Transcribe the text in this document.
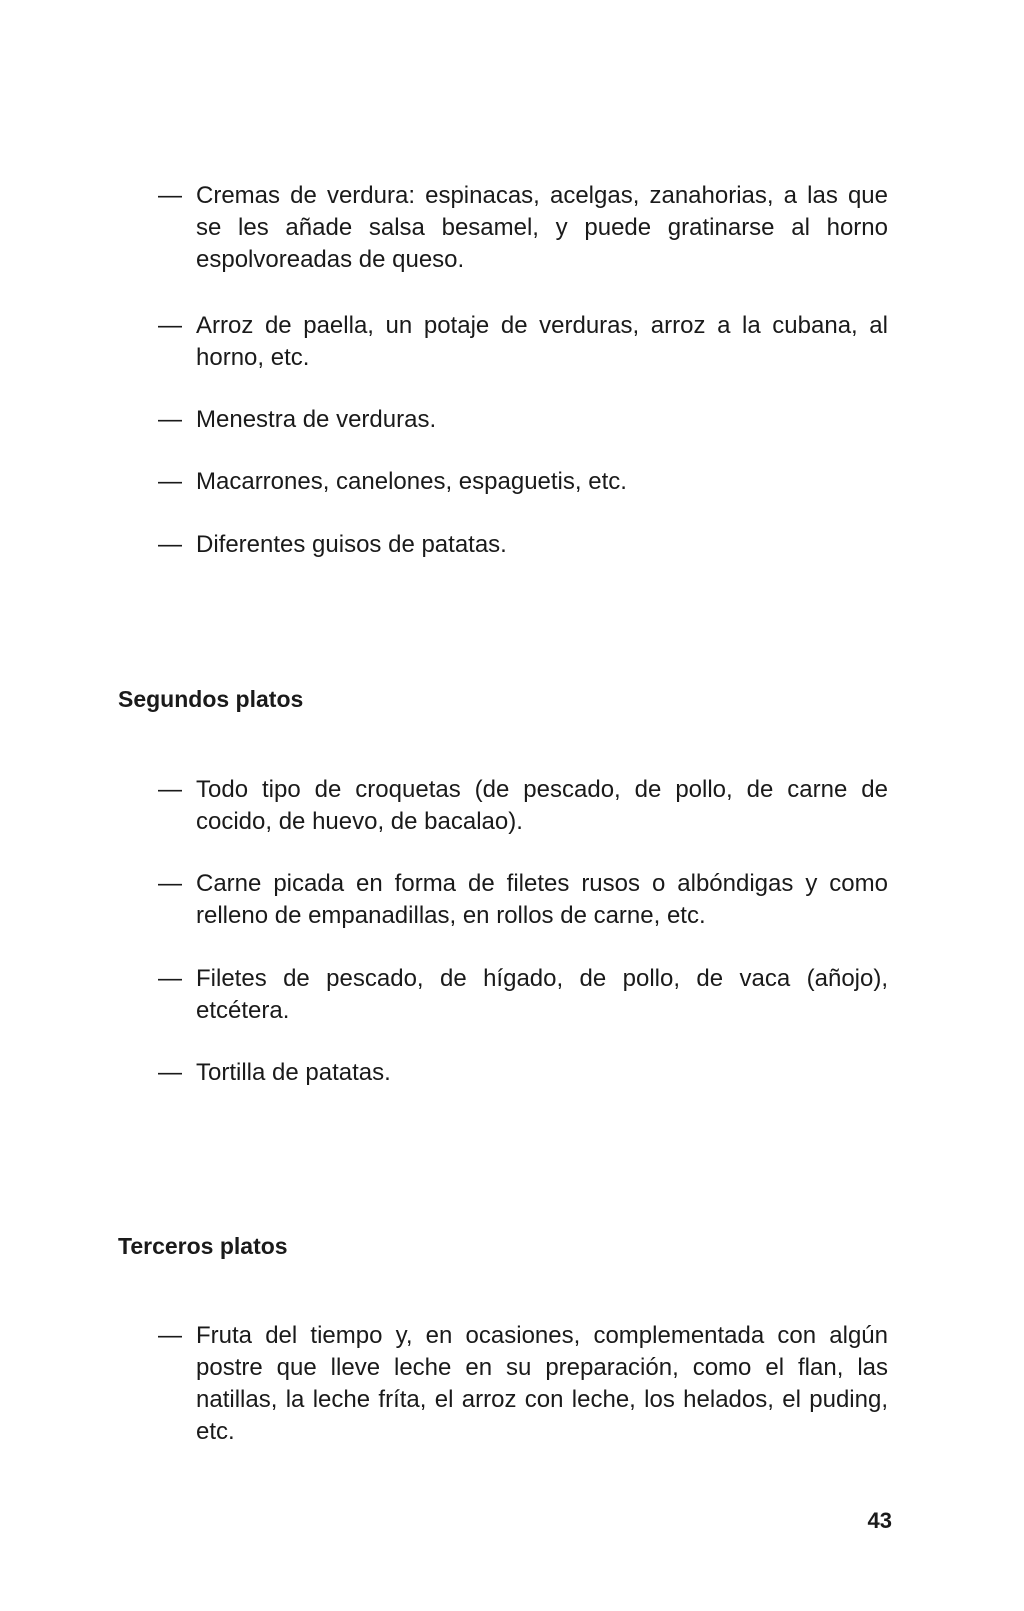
— Cremas de verdura: espinacas, acelgas, zanahorias, a las que se les añade salsa besamel, y puede gratinarse al horno espolvoreadas de queso.
— Arroz de paella, un potaje de verduras, arroz a la cubana, al horno, etc.
— Menestra de verduras.
— Macarrones, canelones, espaguetis, etc.
— Diferentes guisos de patatas.
Segundos platos
— Todo tipo de croquetas (de pescado, de pollo, de carne de cocido, de huevo, de bacalao).
— Carne picada en forma de filetes rusos o albóndigas y como relleno de empanadillas, en rollos de carne, etc.
— Filetes de pescado, de hígado, de pollo, de vaca (añojo), etcétera.
— Tortilla de patatas.
Terceros platos
— Fruta del tiempo y, en ocasiones, complementada con algún postre que lleve leche en su preparación, como el flan, las natillas, la leche fríta, el arroz con leche, los helados, el puding, etc.
43
